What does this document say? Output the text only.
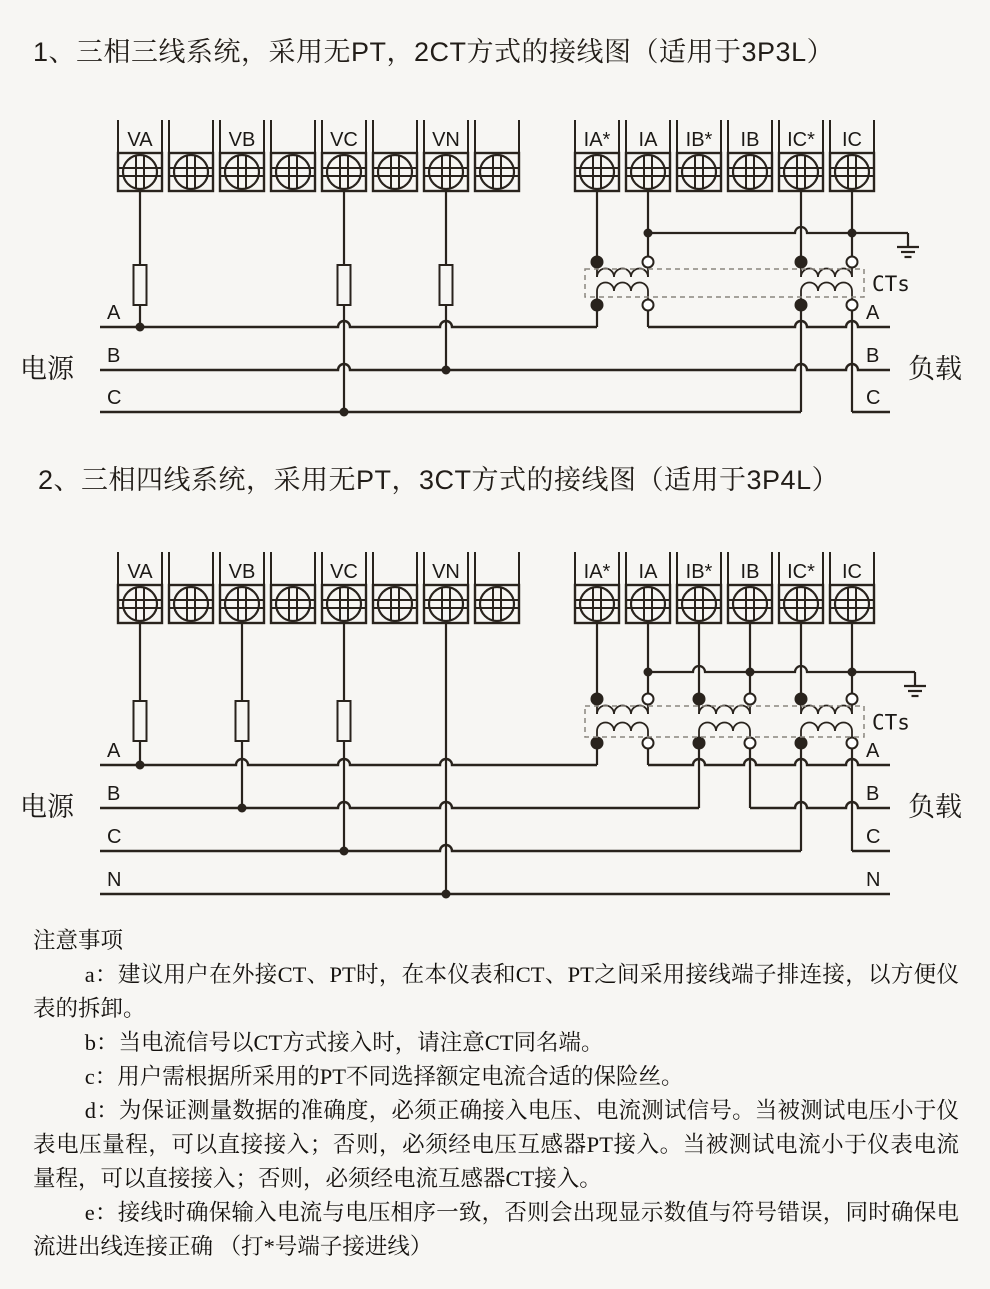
1、三相三线系统，采用无PT，2CT方式的接线图（适用于3P3L）
CTs
A	A
B	B
C	C
VA	VB	VC	VN	IA* IA IB* IB IC* IC
电源	负载
2、三相四线系统，采用无PT，3CT方式的接线图（适用于3P4L）
CTs
A	A
B	B
C	C
N	N
VA	VB	VC	VN	IA* IA IB* IB IC* IC
电源	负载

注意事项

a：建议用户在外接CT、PT时，在本仪表和CT、PT之间采用接线端子排连接，以方便仪表的拆卸。

b：当电流信号以CT方式接入时，请注意CT同名端。

c：用户需根据所采用的PT不同选择额定电流合适的保险丝。

d：为保证测量数据的准确度，必须正确接入电压、电流测试信号。当被测试电压小于仪表电压量程，可以直接接入；否则，必须经电压互感器PT接入。当被测试电流小于仪表电流量程，可以直接接入；否则，必须经电流互感器CT接入。

e：接线时确保输入电流与电压相序一致，否则会出现显示数值与符号错误，同时确保电流进出线连接正确 （打*号端子接进线）
